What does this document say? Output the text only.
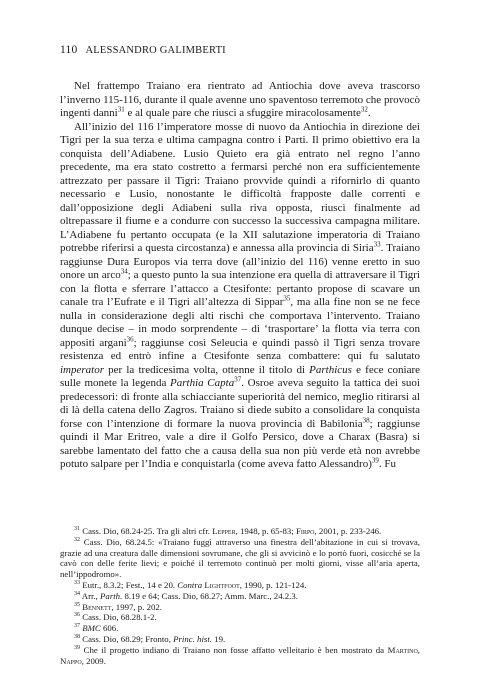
110 ALESSANDRO GALIMBERTI

Nel frattempo Traiano era rientrato ad Antiochia dove aveva trascorso l’inverno 115-116, durante il quale avenne uno spaventoso terremoto che provocò ingenti danni$^{31}$ e al quale pare che riuscì a sfuggire miracolosamente$^{32}$.

All’inizio del 116 l’imperatore mosse di nuovo da Antiochia in direzione dei Tigri per la sua terza e ultima campagna contro i Parti. Il primo obiettivo era la conquista dell’Adiabene. Lusio Quieto era già entrato nel regno l’anno precedente, ma era stato costretto a fermarsi perché non era sufficientemente attrezzato per passare il Tigri: Traiano provvide quindi a rifornirlo di quanto necessario e Lusio, nonostante le difficoltà frapposte dalle correnti e dall’opposizione degli Adiabeni sulla riva opposta, riuscì finalmente ad oltrepassare il fiume e a condurre con successo la successiva campagna militare. L’Adiabene fu pertanto occupata (e la XII salutazione imperatoria di Traiano potrebbe riferirsi a questa circostanza) e annessa alla provincia di Siria$^{33}$. Traiano raggiunse Dura Europos via terra dove (all’inizio del 116) venne eretto in suo onore un arco$^{34}$; a questo punto la sua intenzione era quella di attraversare il Tigri con la flotta e sferrare l’attacco a Ctesifonte: pertanto propose di scavare un canale tra l’Eufrate e il Tigri all’altezza di Sippar$^{35}$, ma alla fine non se ne fece nulla in considerazione degli alti rischi che comportava l’intervento. Traiano dunque decise – in modo sorprendente – di ‘trasportare’ la flotta via terra con appositi argani$^{36}$; raggiunse così Seleucia e quindi passò il Tigri senza trovare resistenza ed entrò infine a Ctesifonte senza combattere: qui fu salutato imperator per la tredicesima volta, ottenne il titolo di Parthicus e fece coniare sulle monete la legenda Parthia Capta$^{37}$. Osroe aveva seguito la tattica dei suoi predecessori: di fronte alla schiacciante superiorità del nemico, meglio ritirarsi al di là della catena dello Zagros. Traiano si diede subito a consolidare la conquista forse con l’intenzione di formare la nuova provincia di Babilonia$^{38}$; raggiunse quindi il Mar Eritreo, vale a dire il Golfo Persico, dove a Charax (Basra) si sarebbe lamentato del fatto che a causa della sua non più verde età non avrebbe potuto salpare per l’India e conquistarla (come aveva fatto Alessandro)$^{39}$. Fu

$^{31}$ Cass. Dio, 68.24-25. Tra gli altri cfr. Lepper, 1948, p. 65-83; Firpo, 2001, p. 233-246.

$^{32}$ Cass. Dio, 68.24.5: «Traiano fuggì attraverso una finestra dell’abitazione in cui si trovava, grazie ad una creatura dalle dimensioni sovrumane, che gli si avvicinò e lo portò fuori, cosicché se la cavò con delle ferite lievi; e poiché il terremoto continuò per molti giorni, visse all’aria aperta, nell’ippodromo».

$^{33}$ Eutr., 8.3.2; Fest., 14 e 20. Contra Lightfoot, 1990, p. 121-124.

$^{34}$ Arr., Parth. 8.19 e 64; Cass. Dio, 68.27; Amm. Marc., 24.2.3.

$^{35}$ Bennett, 1997, p. 202.

$^{36}$ Cass. Dio, 68.28.1-2.

$^{37}$ BMC 606.

$^{38}$ Cass. Dio, 68.29; Fronto, Princ. hist. 19.

$^{39}$ Che il progetto indiano di Traiano non fosse affatto velleitario è ben mostrato da Martino, Nappo, 2009.
